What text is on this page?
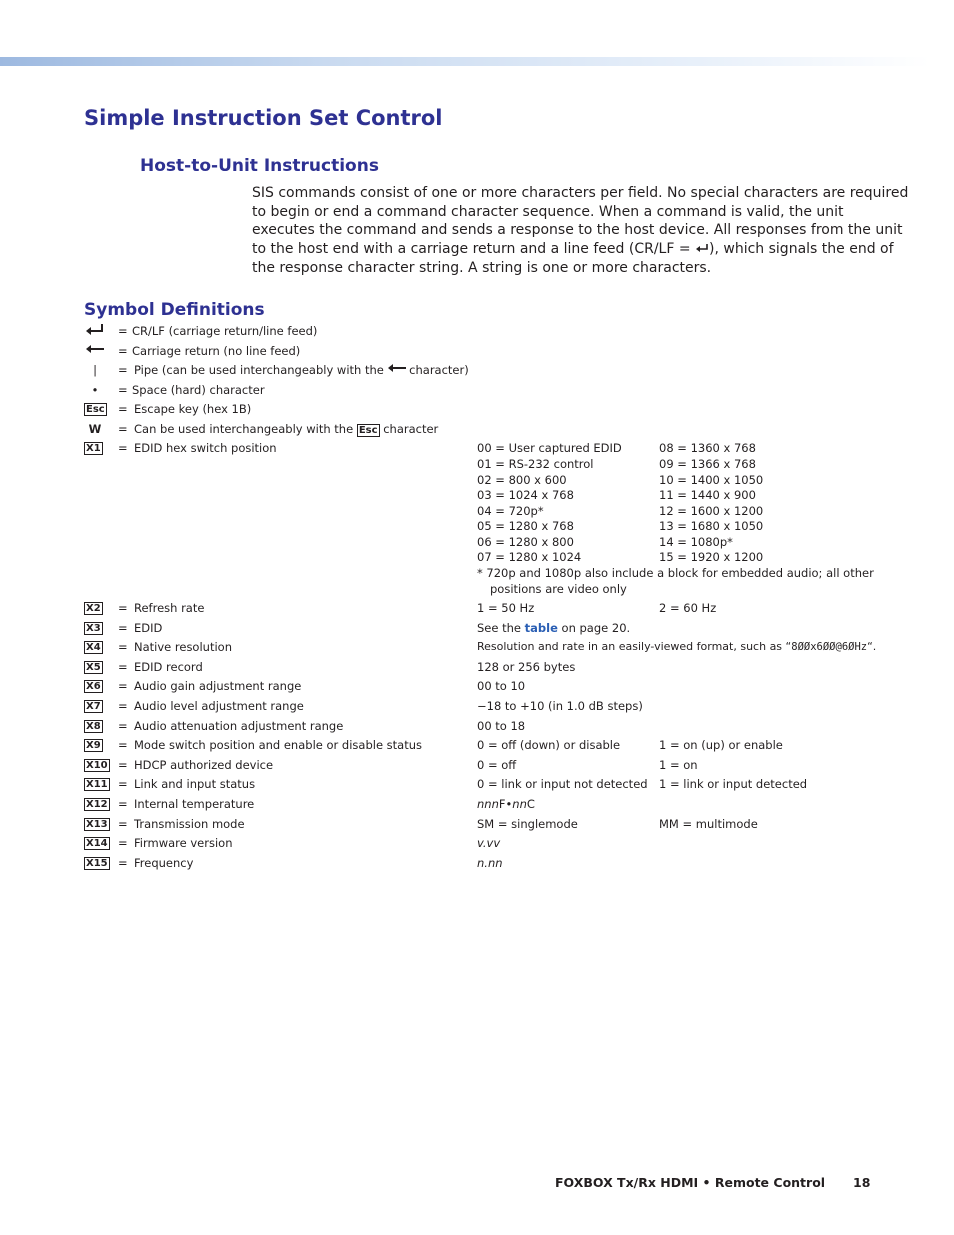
Simple Instruction Set Control
Host-to-Unit Instructions
SIS commands consist of one or more characters per field. No special characters are required
to begin or end a command character sequence. When a command is valid, the unit
executes the command and sends a response to the host device. All responses from the unit
to the host end with a carriage return and a line feed (CR/LF = ), which signals the end of
the response character string. A string is one or more characters.
Symbol Definitions
= CR/LF (carriage return/line feed)
= Carriage return (no line feed)
|	= Pipe (can be used interchangeably with the character)
•	= Space (hard) character
Esc = Escape key (hex 1B)
W	= Can be used interchangeably with the Esc character
X1 = EDID hex switch position	00 = User captured EDID	08 = 1360 x 768
01 = RS-232 control	09 = 1366 x 768
02 = 800 x 600	10 = 1400 x 1050
03 = 1024 x 768	11 = 1440 x 900
04 = 720p*	12 = 1600 x 1200
05 = 1280 x 768	13 = 1680 x 1050
06 = 1280 x 800	14 = 1080p*
07 = 1280 x 1024	15 = 1920 x 1200
* 720p and 1080p also include a block for embedded audio; all other
positions are video only
X2 = Refresh rate	1 = 50 Hz	2 = 60 Hz
X3 = EDID	See the table on page 20.
X4 = Native resolution	Resolution and rate in an easily-viewed format, such as “8ØØx6ØØ@6ØHz“.
X5 = EDID record	128 or 256 bytes
X6 = Audio gain adjustment range	00 to 10
X7 = Audio level adjustment range	−18 to +10 (in 1.0 dB steps)
X8 = Audio attenuation adjustment range	00 to 18
X9 = Mode switch position and enable or disable status	0 = off (down) or disable	1 = on (up) or enable
X10 = HDCP authorized device	0 = off	1 = on
X11 = Link and input status	0 = link or input not detected 1 = link or input detected
X12 = Internal temperature	nnnF•nnC
X13 = Transmission mode	SM = singlemode	MM = multimode
X14 = Firmware version	v.vv
X15 = Frequency	n.nn
FOXBOX Tx/Rx HDMI • Remote Control 18
